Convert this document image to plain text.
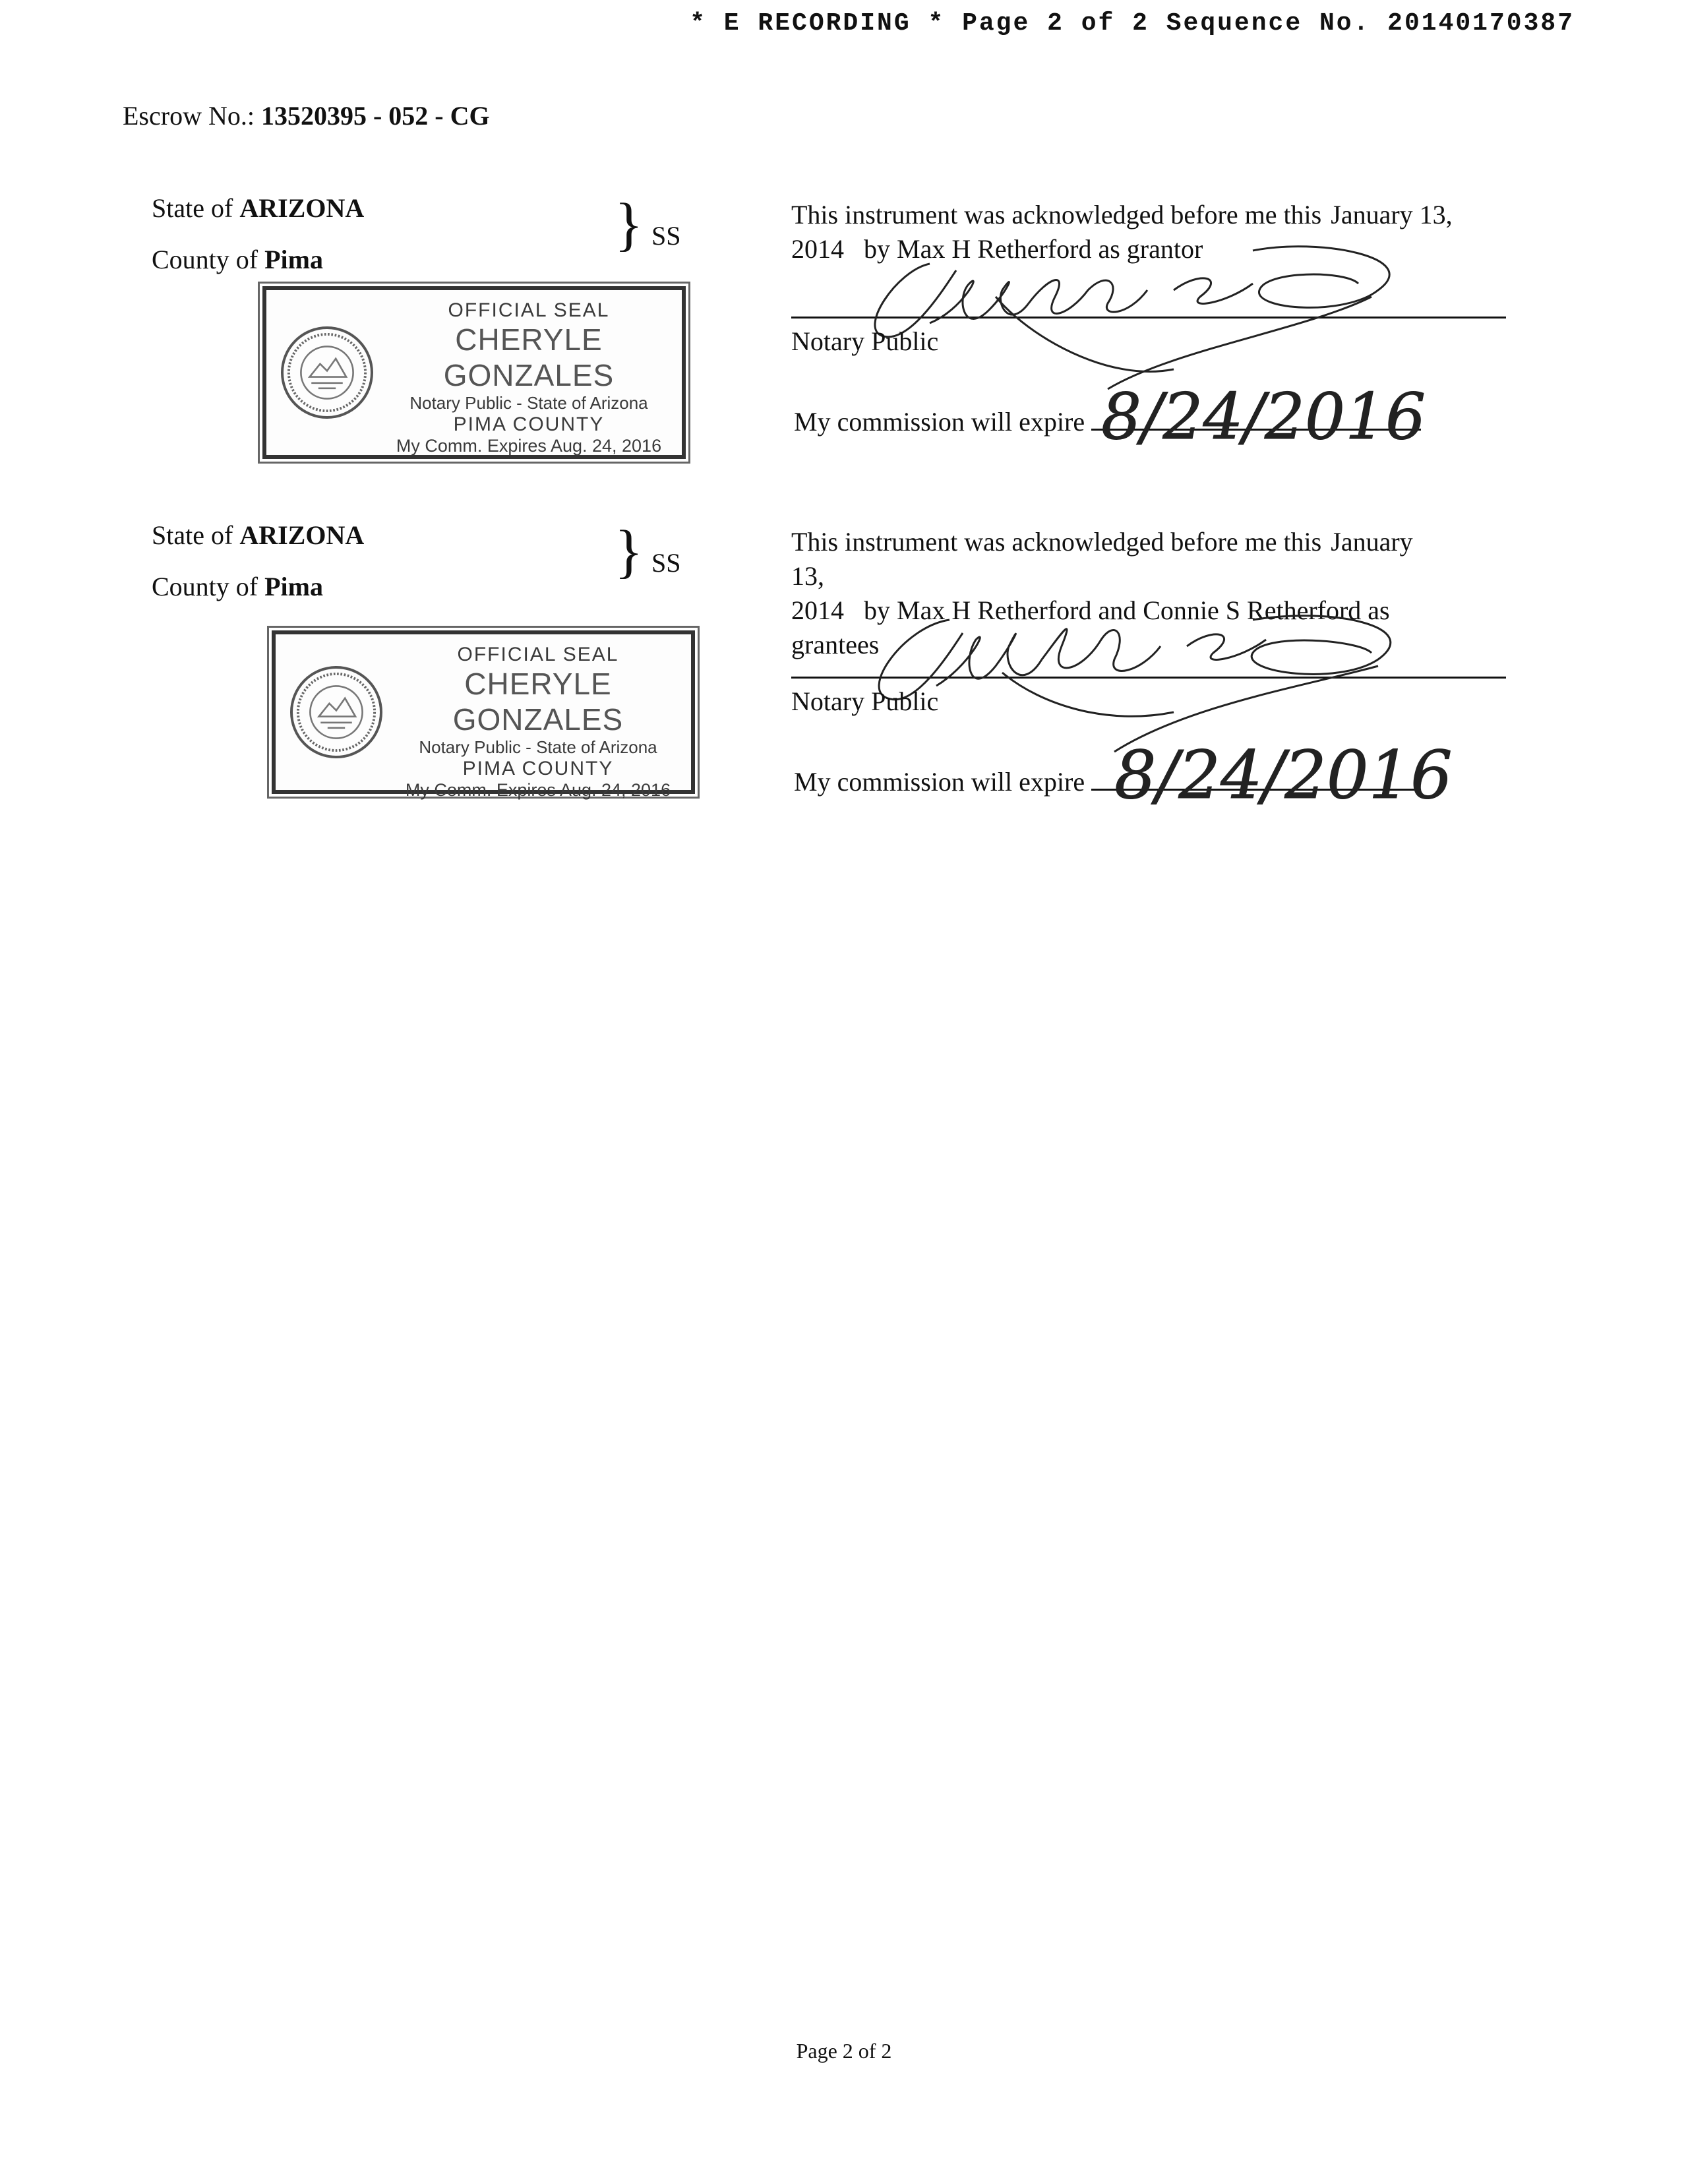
* E RECORDING * Page 2 of 2 Sequence No. 20140170387
Escrow No.: 13520395 - 052 - CG
State of ARIZONA
County of Pima
} SS
OFFICIAL SEAL
CHERYLE GONZALES
Notary Public - State of Arizona
PIMA COUNTY
My Comm. Expires Aug. 24, 2016
This instrument was acknowledged before me this January 13,
2014 by Max H Retherford as grantor
Notary Public
My commission will expire 8/24/2016
State of ARIZONA
County of Pima
} SS
OFFICIAL SEAL
CHERYLE GONZALES
Notary Public - State of Arizona
PIMA COUNTY
My Comm. Expires Aug. 24, 2016
This instrument was acknowledged before me this January 13,
2014 by Max H Retherford and Connie S Retherford as grantees
Notary Public
My commission will expire 8/24/2016
Page 2 of 2
